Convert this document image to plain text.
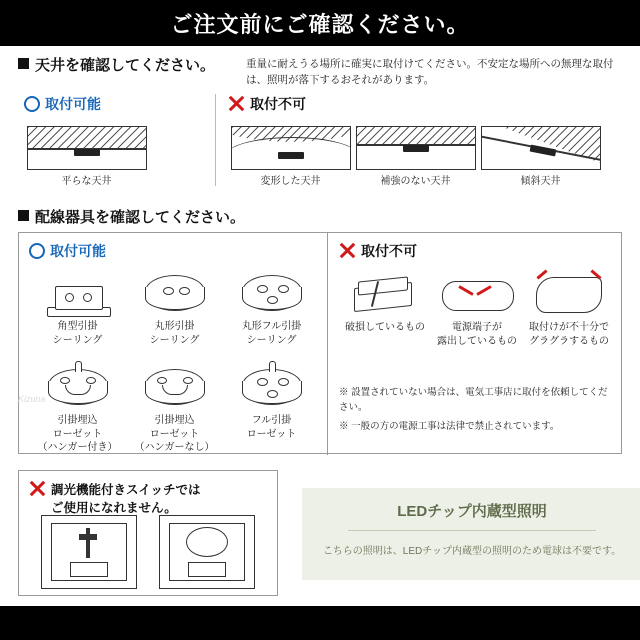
ご注文前にご確認ください。
天井を確認してください。	重量に耐えうる場所に確実に取付けてください。不安定な場所への無理な取付は、照明が落下するおそれがあります。
取付可能
平らな天井
取付不可
変形した天井	補強のない天井	傾斜天井
配線器具を確認してください。
取付可能
角型引掛
シーリング
丸形引掛
シーリング
丸形フル引掛
シーリング
引掛埋込
ローゼット
（ハンガー付き）
引掛埋込
ローゼット
（ハンガーなし）
フル引掛
ローゼット
取付不可
破損しているもの	電源端子が
露出しているもの
取付けが不十分で
グラグラするもの
※ 設置されていない場合は、電気工事店に取付を依頼してください。
※ 一般の方の電源工事は法律で禁止されています。
調光機能付きスイッチでは
ご使用になれません。	LEDチップ内蔵型照明
こちらの照明は、LEDチップ内蔵型の照明のため電球は不要です。
Kizuna
